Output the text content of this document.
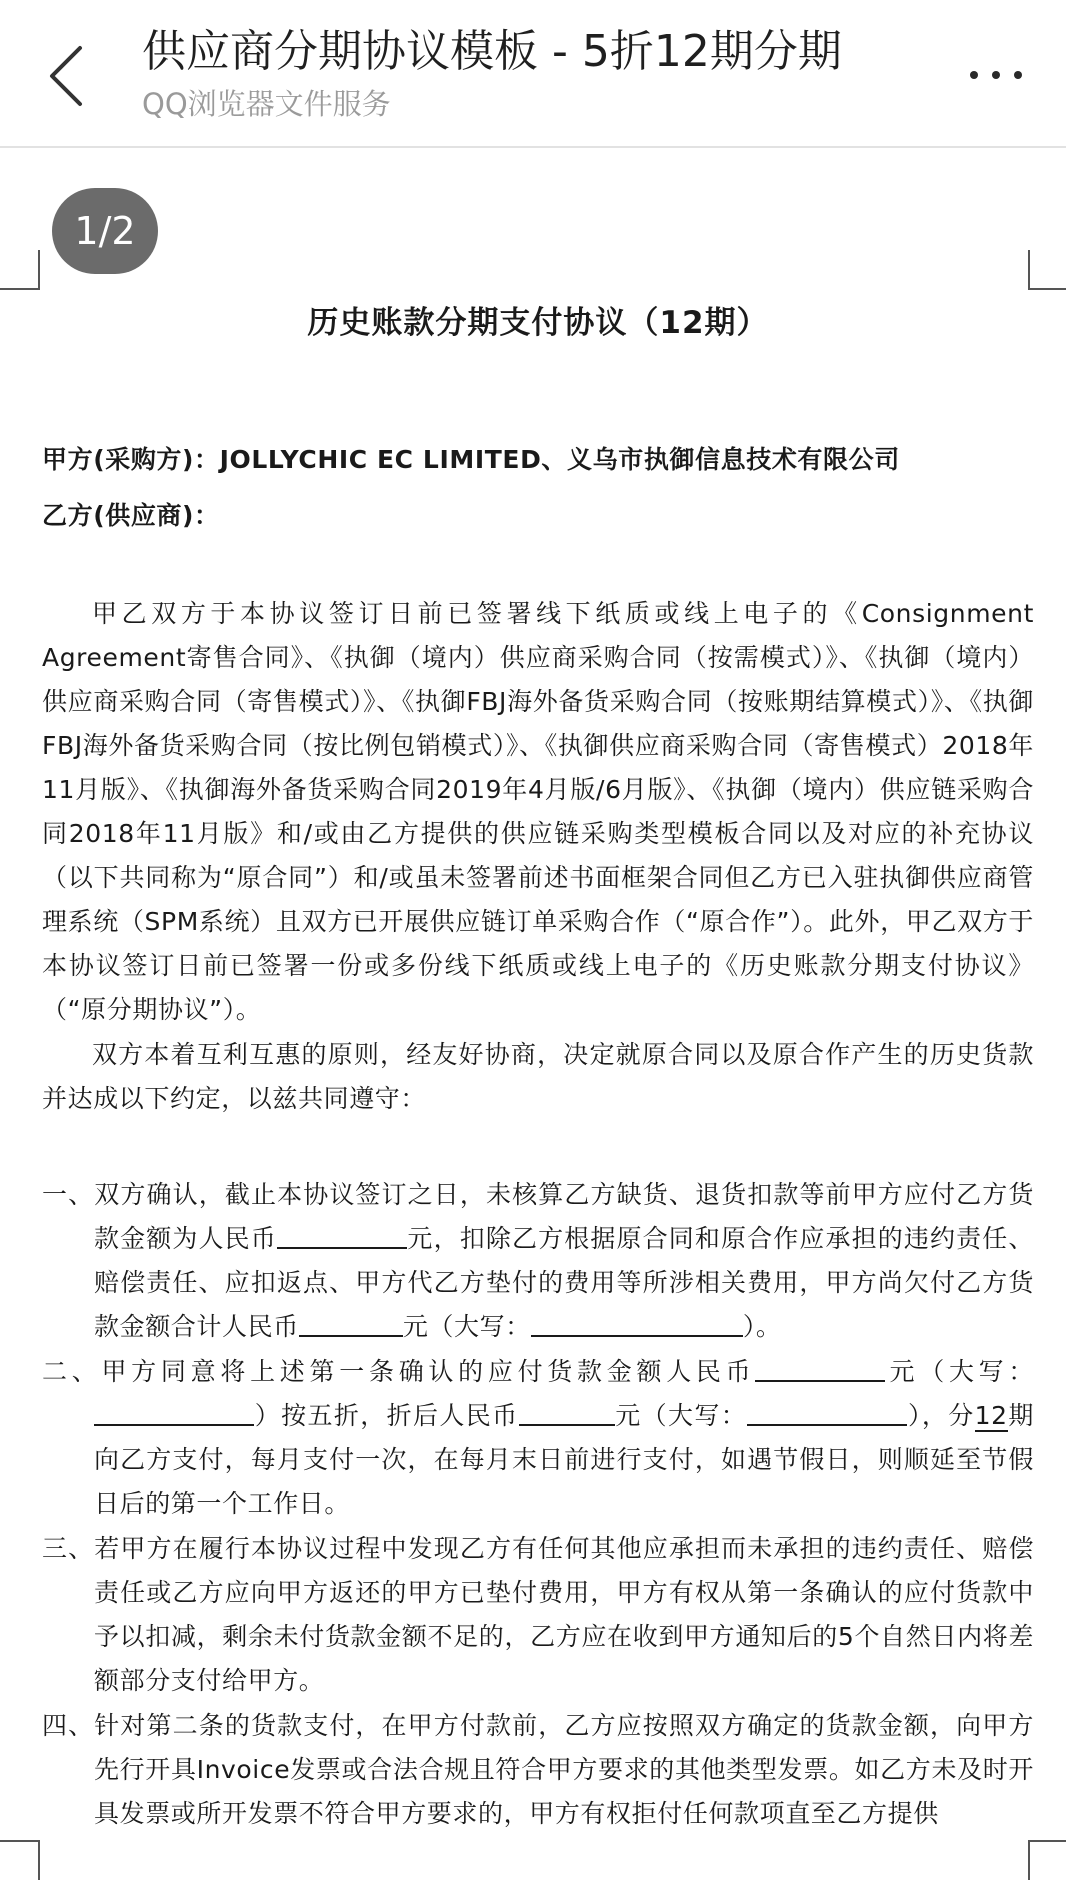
供应商分期协议模板 - 5折12期分期
QQ浏览器文件服务
历史账款分期支付协议（12期）
甲方(采购方)：JOLLYCHIC EC LIMITED、义乌市执御信息技术有限公司
乙方(供应商)：

甲乙双方于本协议签订日前已签署线下纸质或线上电子的《Consignment Agreement寄售合同》、《执御（境内）供应商采购合同（按需模式）》、《执御（境内）供应商采购合同（寄售模式）》、《执御FBJ海外备货采购合同（按账期结算模式）》、《执御FBJ海外备货采购合同（按比例包销模式）》、《执御供应商采购合同（寄售模式）2018年11月版》、《执御海外备货采购合同2019年4月版/6月版》、《执御（境内）供应链采购合同2018年11月版》和/或由乙方提供的供应链采购类型模板合同以及对应的补充协议（以下共同称为“原合同”）和/或虽未签署前述书面框架合同但乙方已入驻执御供应商管理系统（SPM系统）且双方已开展供应链订单采购合作（“原合作”）。此外，甲乙双方于本协议签订日前已签署一份或多份线下纸质或线上电子的《历史账款分期支付协议》（“原分期协议”）。

双方本着互利互惠的原则，经友好协商，决定就原合同以及原合作产生的历史货款并达成以下约定，以兹共同遵守：

一、双方确认，截止本协议签订之日，未核算乙方缺货、退货扣款等前甲方应付乙方货款金额为人民币	元，扣除乙方根据原合同和原合作应承担的违约责任、赔偿责任、应扣返点、甲方代乙方垫付的费用等所涉相关费用，甲方尚欠付乙方货款金额合计人民币	元（大写：	）。

二、甲方同意将上述第一条确认的应付货款金额人民币	元（大写：）按五折，折后人民币	元（大写：	），分12期向乙方支付，每月支付一次，在每月末日前进行支付，如遇节假日，则顺延至节假日后的第一个工作日。

三、若甲方在履行本协议过程中发现乙方有任何其他应承担而未承担的违约责任、赔偿责任或乙方应向甲方返还的甲方已垫付费用，甲方有权从第一条确认的应付货款中予以扣减，剩余未付货款金额不足的，乙方应在收到甲方通知后的5个自然日内将差额部分支付给甲方。

四、针对第二条的货款支付，在甲方付款前，乙方应按照双方确定的货款金额，向甲方先行开具Invoice发票或合法合规且符合甲方要求的其他类型发票。如乙方未及时开具发票或所开发票不符合甲方要求的，甲方有权拒付任何款项直至乙方提供

1/2
